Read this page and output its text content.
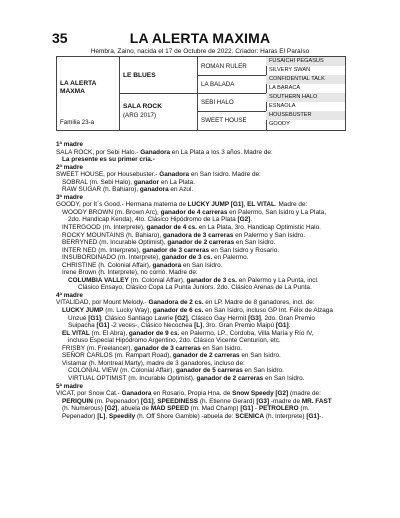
35	LA ALERTA MAXIMA
Hembra, Zaino, nacida el 17 de Octubre de 2022. Criador: Haras El Paraíso
LA ALERTA
MAXMA
Familia 23-a
LE BLUES
SALA ROCK
(ARG 2017)
ROMAN RULER
LA BALADA
SEBI HALO
SWEET HOUSE
FUSAICHI PEGASUS
SILVERY SWAN
CONFIDENTIAL TALK
LA BARACA
SOUTHERN HALO
ESNAOLA
HOUSEBUSTER
GOODY
1ª madre
SALA ROCK, por Sebi Halo.- Ganadora en La Plata a los 3 años. Madre de:
La presente es su primer cría.-
2ª madre
SWEET HOUSE, por Housebuster.- Ganadora en San Isidro. Madre de:
SOBRAL (m. Sebi Halo), ganador en La Plata.
RAW SUGAR (h. Bahiaro), ganadora en Azul.
3ª madre
GOODY, por It´s Good.- Hermana materna de LUCKY JUMP [G1], EL VITAL. Madre de:
WOODY BROWN (m. Brown Arc), ganador de 4 carreras en Palermo, San Isidro y La Plata,
2do. Handicap Kenda), 4to. Clásico Hipódromo de La Plata [G2].
INTERGOOD (m. Interprete), ganador de 4 cs. en La Plata, 3ro. Handicap Optimistic Halo.
ROCKY MOUNTAINS (h. Bahiaro), ganadora de 3 carreras en Palermo y San Isidro.
BERRYNED (m. Incurable Optimist), ganador de 2 carreras en San Isidro.
INTER NED (m. Interprete), ganador de 3 carreras en San Isidro y Rosario.
INSUBORDINADO (m. Interprete), ganador de 3 cs. en Palermo.
CHRISTINE (h. Colonial Affair), ganadora en San Isidro.
Irene Brown (h. Interprete), no corrió. Madre de:
COLUMBIA VALLEY (m. Colonial Affair), ganador de 3 cs. en Palermo y La Punta, incl.
Clásico Ensayo, Clásico Copa La Punta Juniors. 2do. Clásico Arenas de La Punta.
4ª madre
VITALIDAD, por Mount Melody.- Ganadora de 2 cs. en LP. Madre de 8 ganadores, incl. de:
LUCKY JUMP (m. Lucky Way), ganador de 6 cs. en San Isidro, incluso GP Int. Félix de Alzaga
Unzué [G1], Clásico Santiago Lawrie [G2], Clásico Gay Hermit [G3], 2do. Gran Premio
Suipacha [G1] -2 veces-, Clásico Necochea [L], 3ro. Gran Premio Maipú [G1].
EL VITAL (m. El Abra), ganador de 9 cs. en Palermo, LP., Cordoba, Villa María y Río IV,
incluso Especial Hipódromo Argentino, 2do. Clásico Vicente Centurion, etc.
FRISBY (m. Freelancer), ganador de 3 carreras en San Isidro.
SEÑOR CARLOS (m. Rampart Road), ganador de 2 carreras en San Isidro.
Vistamar (h. Montreal Marty), madre de 3 ganadores, incluso de:
COLONIAL VIEW (m. Colonial Affair), ganador de 5 carreras en San Isidro.
VIRTUAL OPTIMIST (m. Incurable Optimist), ganador de 2 carreras en San Isidro.
5ª madre
VICAT, por Snow Cat.- Ganadora en Rosario, Propia Hna. de Snow Speedy [G2] (madre de:
PERIQUIN (m. Pepenador) [G1], SPEEDINESS (h. Etienne Gerard) [G3] -madre de MR. FAST
(h. Numerous) [G2], abuela de MAD SPEED (m. Mad Champ) [G1] - PETROLERO (m.
Pepenador) [L], Speedily (h. Off Shore Gamble) -abuela de: SCENICA (h. Interprete) [G1]-.
